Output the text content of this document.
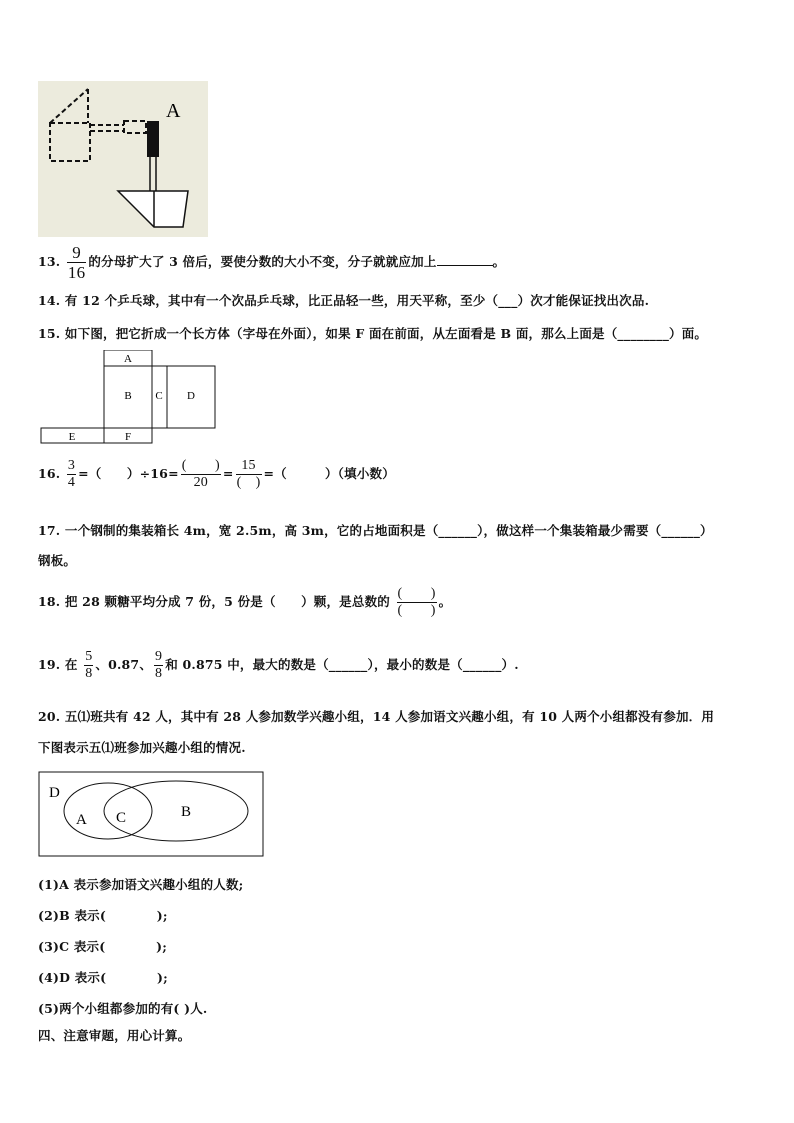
A
13. $\frac{9}{16}$ 的分母扩大了 3 倍后，要使分数的大小不变，分子就就应加上	。
14. 有 12 个乒乓球，其中有一个次品乒乓球，比正品轻一些，用天平称，至少（___）次才能保证找出次品.
15. 如下图，把它折成一个长方体（字母在外面），如果 F 面在前面，从左面看是 B 面，那么上面是（________）面。
A
B C D
E	F
16. $\frac{3}{4}$ =（　　）$\div 16= \frac{( )}{20} = \frac{15}{( )}$ =（　　　）（填小数）
17. 一个钢制的集装箱长 4m，宽 2.5m，高 3m，它的占地面积是（______），做这样一个集装箱最少需要（______）
钢板。
18. 把 28 颗糖平均分成 7 份，5 份是（　　）颗，是总数的 $\frac{( )}{( )}$ 。
19. 在 $\frac{5}{8}$ 、0.87、 $\frac{9}{8}$ 和 0.875 中，最大的数是（______），最小的数是（______）.
20. 五⑴班共有 42 人，其中有 28 人参加数学兴趣小组，14 人参加语文兴趣小组，有 10 人两个小组都没有参加．用
下图表示五⑴班参加兴趣小组的情况.
D
A C	B
(1)A 表示参加语文兴趣小组的人数;
(2)B 表示(　　　　);
(3)C 表示(　　　　);
(4)D 表示(　　　　);
(5)两个小组都参加的有( )人.
四、注意审题，用心计算。
